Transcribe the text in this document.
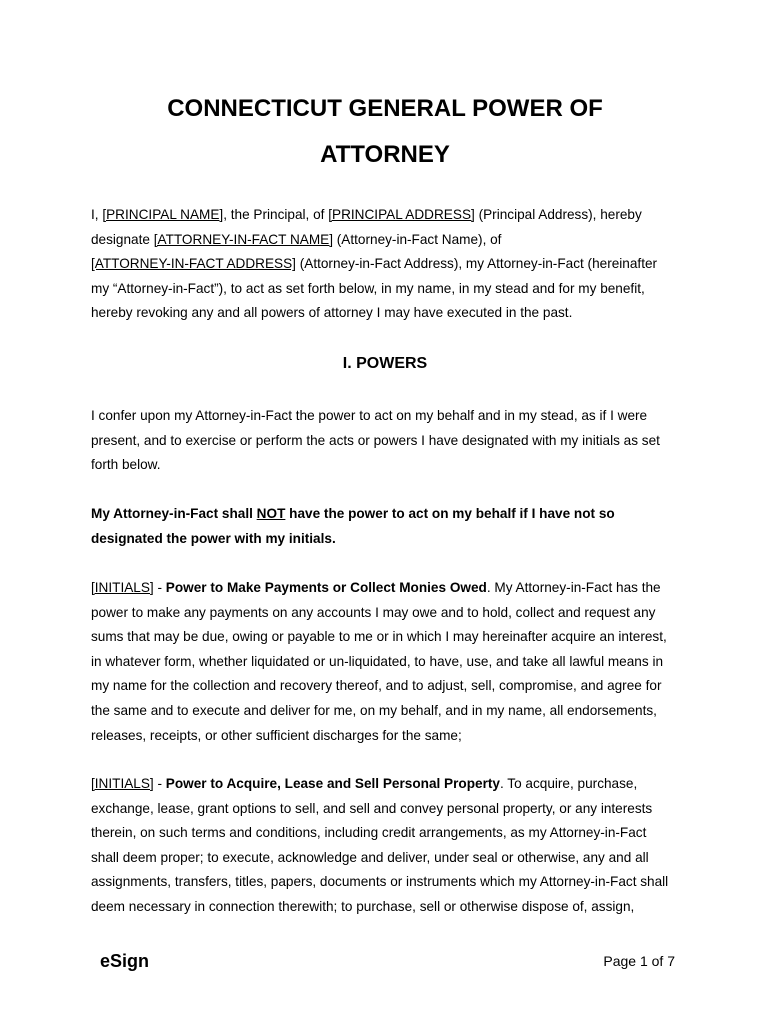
CONNECTICUT GENERAL POWER OF
ATTORNEY

I, [PRINCIPAL NAME], the Principal, of [PRINCIPAL ADDRESS] (Principal Address), hereby
designate [ATTORNEY-IN-FACT NAME] (Attorney-in-Fact Name), of
[ATTORNEY-IN-FACT ADDRESS] (Attorney-in-Fact Address), my Attorney-in-Fact (hereinafter
my “Attorney-in-Fact”), to act as set forth below, in my name, in my stead and for my benefit,
hereby revoking any and all powers of attorney I may have executed in the past.

I. POWERS

I confer upon my Attorney-in-Fact the power to act on my behalf and in my stead, as if I were
present, and to exercise or perform the acts or powers I have designated with my initials as set
forth below.

My Attorney-in-Fact shall NOT have the power to act on my behalf if I have not so
designated the power with my initials.

[INITIALS] - Power to Make Payments or Collect Monies Owed. My Attorney-in-Fact has the
power to make any payments on any accounts I may owe and to hold, collect and request any
sums that may be due, owing or payable to me or in which I may hereinafter acquire an interest,
in whatever form, whether liquidated or un-liquidated, to have, use, and take all lawful means in
my name for the collection and recovery thereof, and to adjust, sell, compromise, and agree for
the same and to execute and deliver for me, on my behalf, and in my name, all endorsements,
releases, receipts, or other sufficient discharges for the same;

[INITIALS] - Power to Acquire, Lease and Sell Personal Property. To acquire, purchase,
exchange, lease, grant options to sell, and sell and convey personal property, or any interests
therein, on such terms and conditions, including credit arrangements, as my Attorney-in-Fact
shall deem proper; to execute, acknowledge and deliver, under seal or otherwise, any and all
assignments, transfers, titles, papers, documents or instruments which my Attorney-in-Fact shall
deem necessary in connection therewith; to purchase, sell or otherwise dispose of, assign,

eSign	Page 1 of 7
